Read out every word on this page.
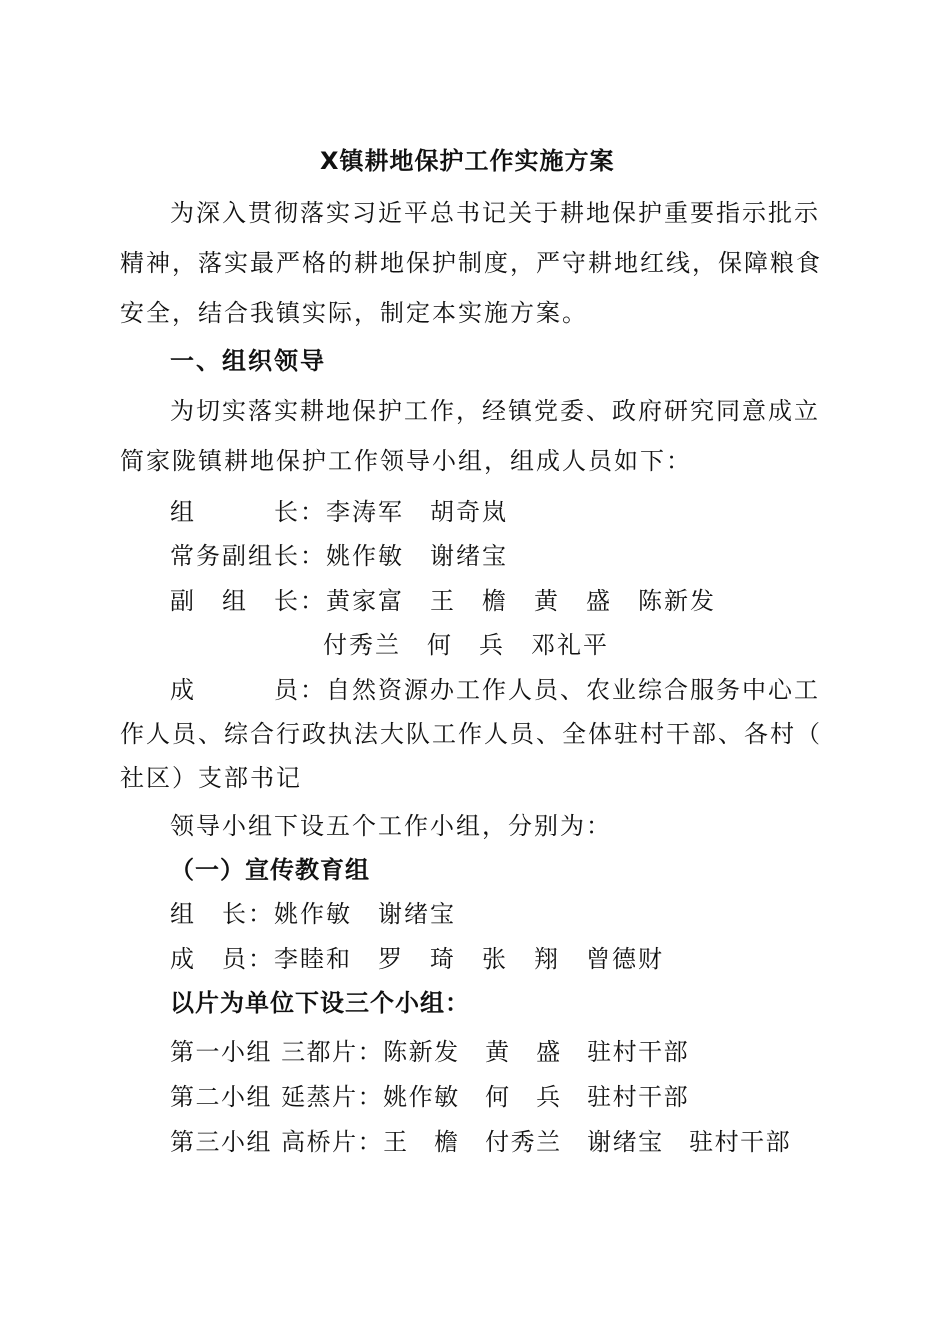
X镇耕地保护工作实施方案
为深入贯彻落实习近平总书记关于耕地保护重要指示批示
精神，落实最严格的耕地保护制度，严守耕地红线，保障粮食
安全，结合我镇实际，制定本实施方案。
一、组织领导
为切实落实耕地保护工作，经镇党委、政府研究同意成立
简家陇镇耕地保护工作领导小组，组成人员如下：
组　　　长：李涛军　胡奇岚
常务副组长：姚作敏　谢绪宝
副　组　长：黄家富　王　檐　黄　盛　陈新发
付秀兰　何　兵　邓礼平
成　　　员：自然资源办工作人员、农业综合服务中心工
作人员、综合行政执法大队工作人员、全体驻村干部、各村（
社区）支部书记
领导小组下设五个工作小组，分别为：
（一）宣传教育组
组　长：姚作敏　谢绪宝
成　员：李睦和　罗　琦　张　翔　曾德财
以片为单位下设三个小组：
第一小组 三都片：陈新发　黄　盛　驻村干部
第二小组 延蒸片：姚作敏　何　兵　驻村干部
第三小组 高桥片：王　檐　付秀兰　谢绪宝　驻村干部
